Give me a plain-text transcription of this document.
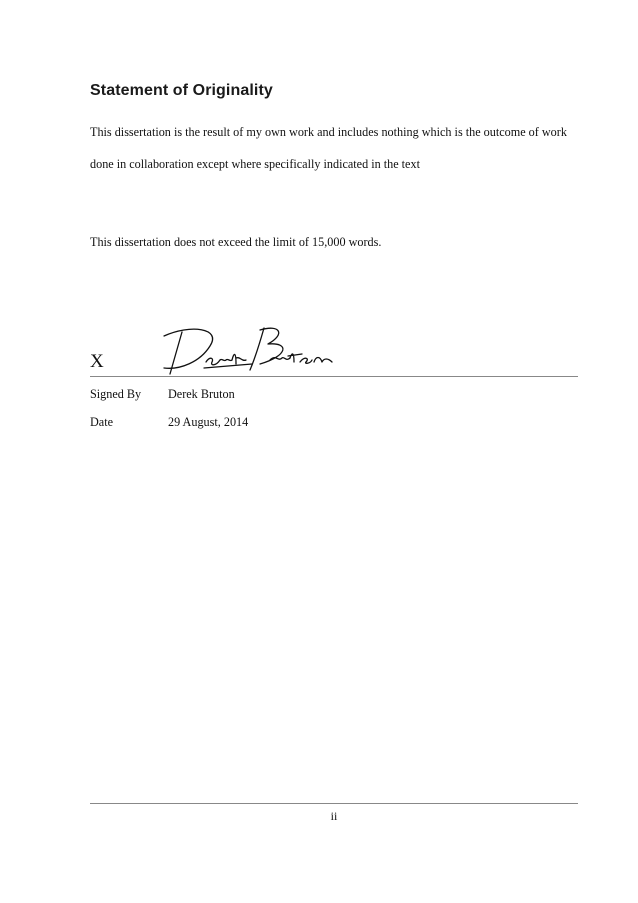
Statement of Originality
This dissertation is the result of my own work and includes nothing which is the outcome of work done in collaboration except where specifically indicated in the text
This dissertation does not exceed the limit of 15,000 words.
X
Signed By Derek Bruton
Date	29 August, 2014
ii
